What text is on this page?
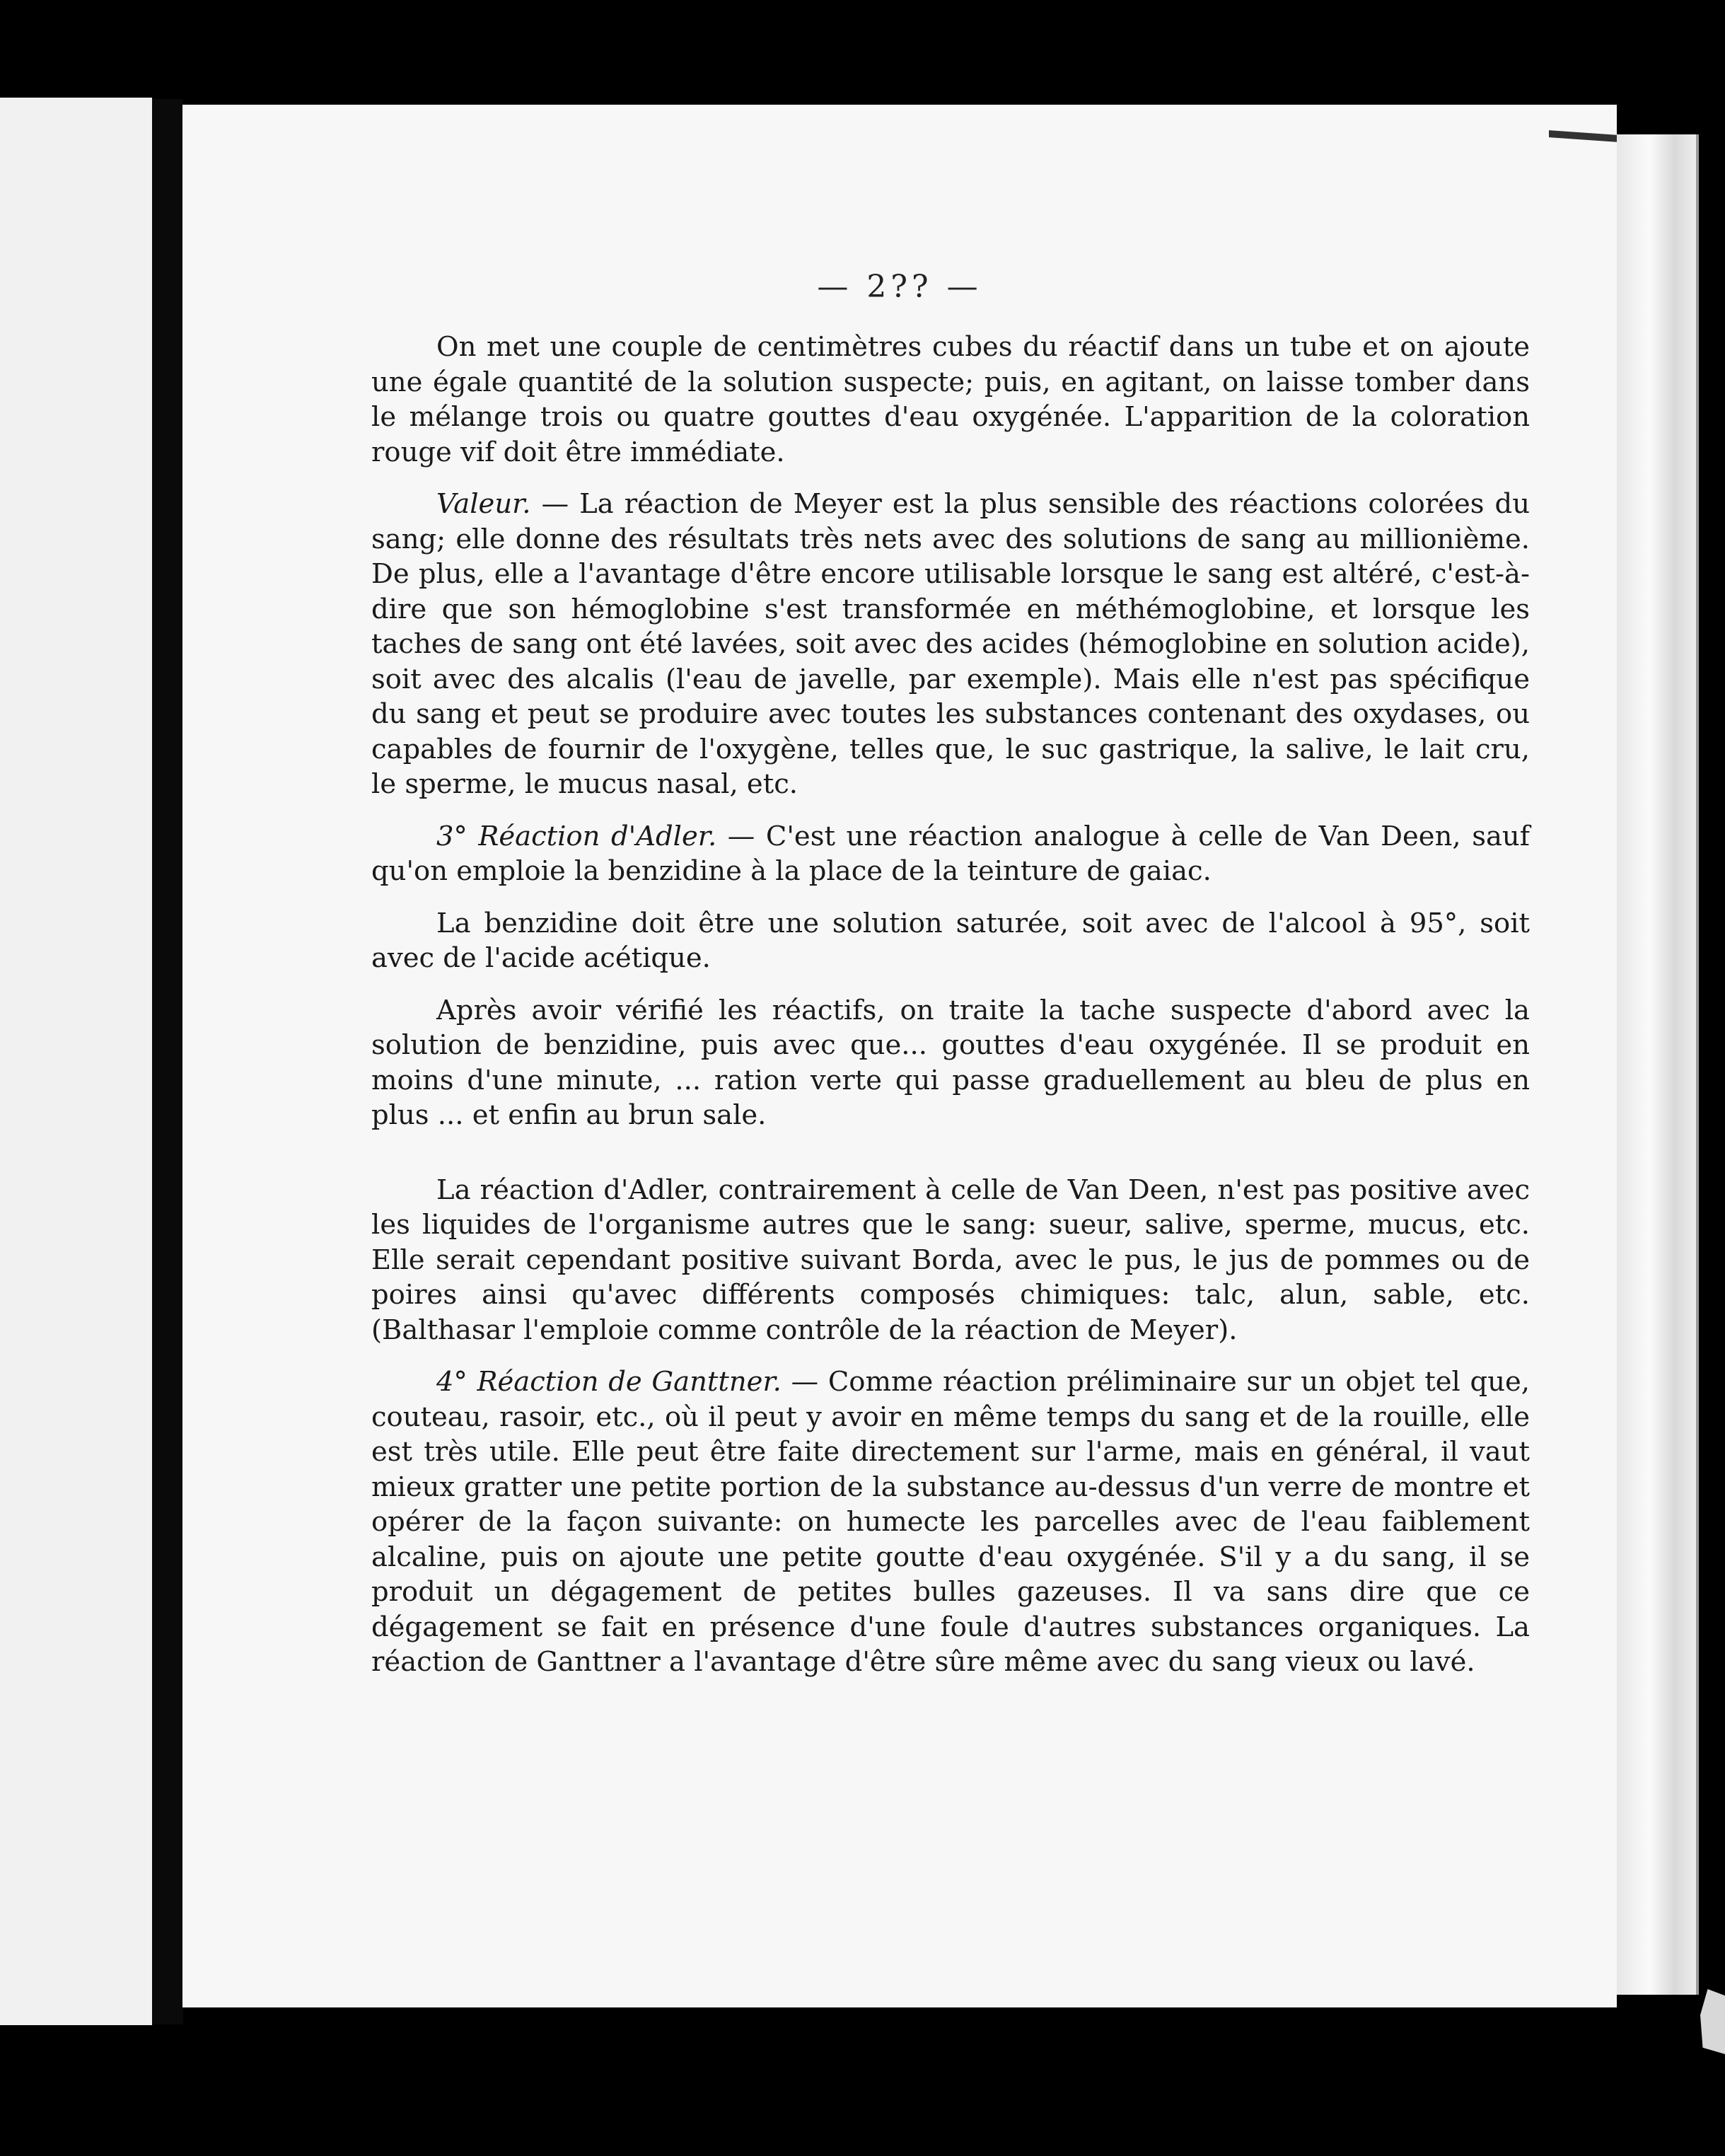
— 2?? —

On met une couple de centimètres cubes du réactif dans un tube et on ajoute une égale quantité de la solution suspecte; puis, en agitant, on laisse tomber dans le mélange trois ou quatre gouttes d'eau oxygénée. L'apparition de la coloration rouge vif doit être immédiate.

Valeur. — La réaction de Meyer est la plus sensible des réactions colorées du sang; elle donne des résultats très nets avec des solutions de sang au millionième. De plus, elle a l'avantage d'être encore utilisable lorsque le sang est altéré, c'est-à-dire que son hémoglobine s'est transformée en méthémoglobine, et lorsque les taches de sang ont été lavées, soit avec des acides (hémoglobine en solution acide), soit avec des alcalis (l'eau de javelle, par exemple). Mais elle n'est pas spécifique du sang et peut se produire avec toutes les substances contenant des oxydases, ou capables de fournir de l'oxygène, telles que, le suc gastrique, la salive, le lait cru, le sperme, le mucus nasal, etc.

3° Réaction d'Adler. — C'est une réaction analogue à celle de Van Deen, sauf qu'on emploie la benzidine à la place de la teinture de gaiac.

La benzidine doit être une solution saturée, soit avec de l'alcool à 95°, soit avec de l'acide acétique.

Après avoir vérifié les réactifs, on traite la tache suspecte d'abord avec la solution de benzidine, puis avec que... gouttes d'eau oxygénée. Il se produit en moins d'une minute, ... ration verte qui passe graduellement au bleu de plus en plus ... et enfin au brun sale.

La réaction d'Adler, contrairement à celle de Van Deen, n'est pas positive avec les liquides de l'organisme autres que le sang: sueur, salive, sperme, mucus, etc. Elle serait cependant positive suivant Borda, avec le pus, le jus de pommes ou de poires ainsi qu'avec différents composés chimiques: talc, alun, sable, etc. (Balthasar l'emploie comme contrôle de la réaction de Meyer).

4° Réaction de Ganttner. — Comme réaction préliminaire sur un objet tel que, couteau, rasoir, etc., où il peut y avoir en même temps du sang et de la rouille, elle est très utile. Elle peut être faite directement sur l'arme, mais en général, il vaut mieux gratter une petite portion de la substance au-dessus d'un verre de montre et opérer de la façon suivante: on humecte les parcelles avec de l'eau faiblement alcaline, puis on ajoute une petite goutte d'eau oxygénée. S'il y a du sang, il se produit un dégagement de petites bulles gazeuses. Il va sans dire que ce dégagement se fait en présence d'une foule d'autres substances organiques. La réaction de Ganttner a l'avantage d'être sûre même avec du sang vieux ou lavé.
